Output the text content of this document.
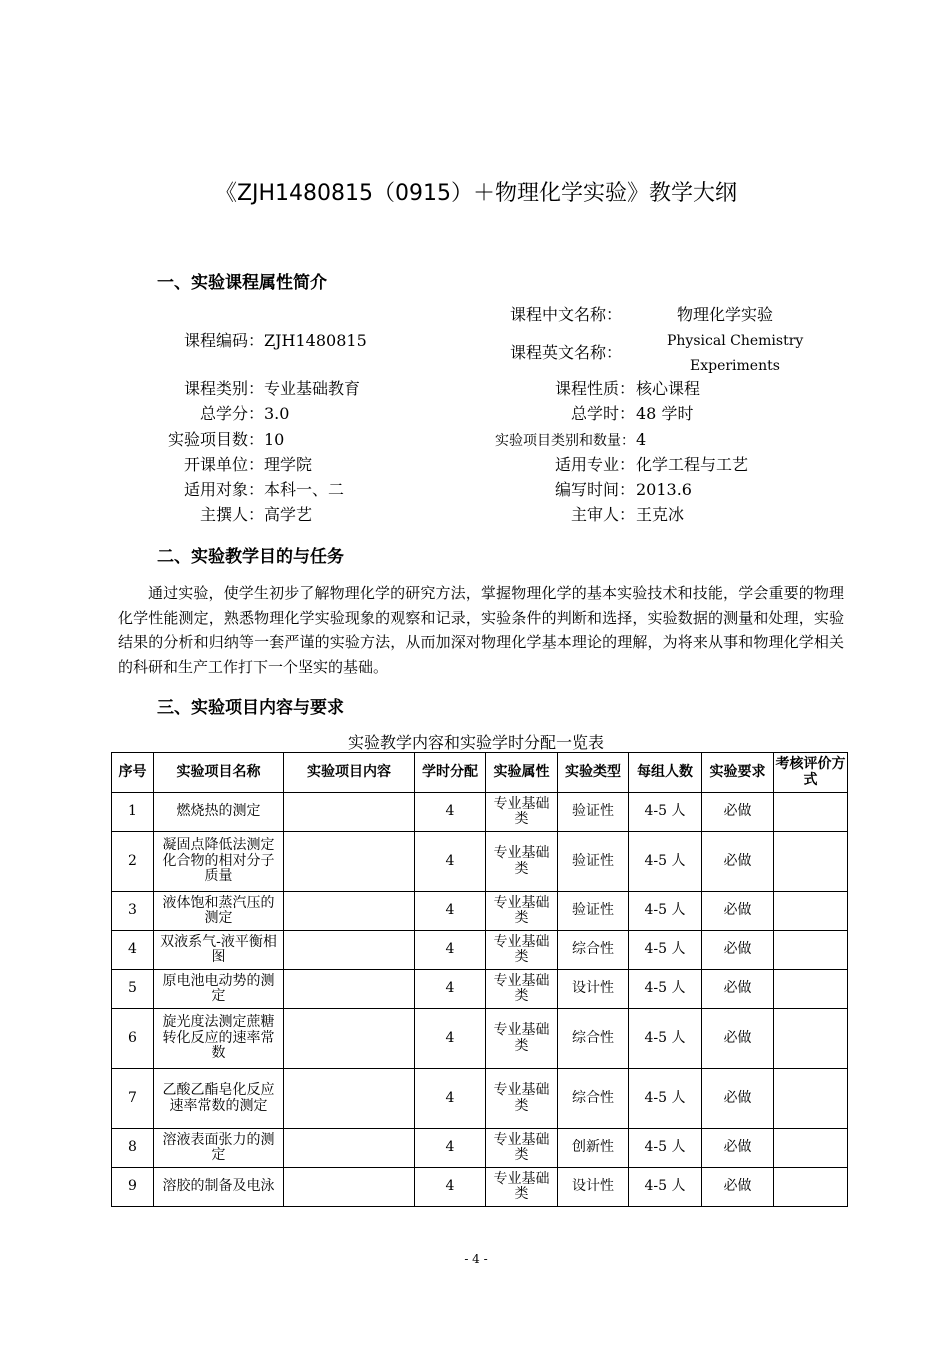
《ZJH1480815（0915）＋物理化学实验》教学大纲
一、实验课程属性简介
课程中文名称：	物理化学实验
课程编码： ZJH1480815
课程英文名称：
Physical Chemistry
Experiments
课程类别： 专业基础教育	课程性质： 核心课程
总学分： 3.0	总学时： 48 学时
实验项目数： 10	实验项目类别和数量： 4
开课单位： 理学院	适用专业： 化学工程与工艺
适用对象： 本科一、二	编写时间： 2013.6
主撰人： 高学艺	主审人： 王克冰
二、实验教学目的与任务
通过实验，使学生初步了解物理化学的研究方法，掌握物理化学的基本实验技术和技能，学会重要的物理化学性能测定，熟悉物理化学实验现象的观察和记录，实验条件的判断和选择，实验数据的测量和处理，实验结果的分析和归纳等一套严谨的实验方法，从而加深对物理化学基本理论的理解，为将来从事和物理化学相关的科研和生产工作打下一个坚实的基础。
三、实验项目内容与要求
实验教学内容和实验学时分配一览表
序号	实验项目名称	实验项目内容	学时分配	实验属性	实验类型	每组人数	实验要求	考核评价方式
1	燃烧热的测定		4	专业基础类	验证性	4-5 人	必做	
2	凝固点降低法测定化合物的相对分子质量		4	专业基础类	验证性	4-5 人	必做	
3	液体饱和蒸汽压的测定		4	专业基础类	验证性	4-5 人	必做	
4	双液系气-液平衡相图		4	专业基础类	综合性	4-5 人	必做	
5	原电池电动势的测定		4	专业基础类	设计性	4-5 人	必做	
6	旋光度法测定蔗糖转化反应的速率常数		4	专业基础类	综合性	4-5 人	必做	
7	乙酸乙酯皂化反应速率常数的测定		4	专业基础类	综合性	4-5 人	必做	
8	溶液表面张力的测定		4	专业基础类	创新性	4-5 人	必做	
9	溶胶的制备及电泳		4	专业基础类	设计性	4-5 人	必做	
- 4 -
